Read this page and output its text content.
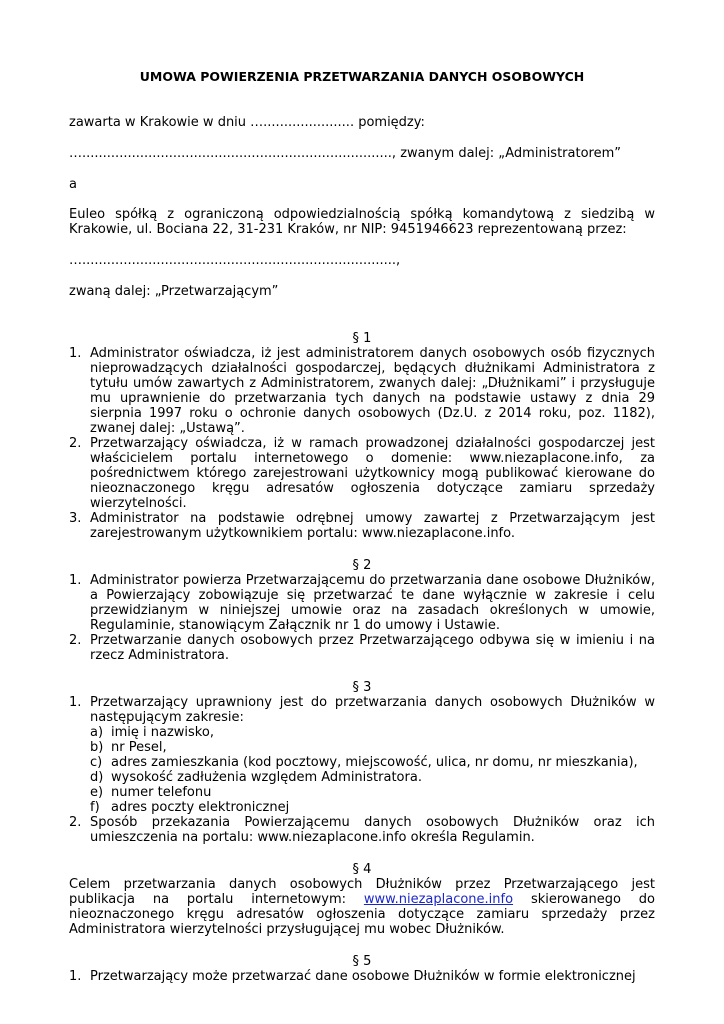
UMOWA POWIERZENIA PRZETWARZANIA DANYCH OSOBOWYCH

zawarta w Krakowie w dniu …...................... pomiędzy:

…..........................................................................., zwanym dalej: „Administratorem”

a

Euleo spółką z ograniczoną odpowiedzialnością spółką komandytową z siedzibą w Krakowie, ul. Bociana 22, 31-231 Kraków, nr NIP: 9451946623 reprezentowaną przez:

…............................................................................,

zwaną dalej: „Przetwarzającym”

§ 1

1. Administrator oświadcza, iż jest administratorem danych osobowych osób fizycznych nieprowadzących działalności gospodarczej, będących dłużnikami Administratora z tytułu umów zawartych z Administratorem, zwanych dalej: „Dłużnikami” i przysługuje mu uprawnienie do przetwarzania tych danych na podstawie ustawy z dnia 29 sierpnia 1997 roku o ochronie danych osobowych (Dz.U. z 2014 roku, poz. 1182), zwanej dalej: „Ustawą”.
2. Przetwarzający oświadcza, iż w ramach prowadzonej działalności gospodarczej jest właścicielem portalu internetowego o domenie: www.niezaplacone.info, za pośrednictwem którego zarejestrowani użytkownicy mogą publikować kierowane do nieoznaczonego kręgu adresatów ogłoszenia dotyczące zamiaru sprzedaży wierzytelności.
3. Administrator na podstawie odrębnej umowy zawartej z Przetwarzającym jest zarejestrowanym użytkownikiem portalu: www.niezaplacone.info.

§ 2

1. Administrator powierza Przetwarzającemu do przetwarzania dane osobowe Dłużników, a Powierzający zobowiązuje się przetwarzać te dane wyłącznie w zakresie i celu przewidzianym w niniejszej umowie oraz na zasadach określonych w umowie, Regulaminie, stanowiącym Załącznik nr 1 do umowy i Ustawie.
2. Przetwarzanie danych osobowych przez Przetwarzającego odbywa się w imieniu i na rzecz Administratora.

§ 3

1. Przetwarzający uprawniony jest do przetwarzania danych osobowych Dłużników w następującym zakresie:
a) imię i nazwisko,
b) nr Pesel,
c) adres zamieszkania (kod pocztowy, miejscowość, ulica, nr domu, nr mieszkania),
d) wysokość zadłużenia względem Administratora.
e) numer telefonu
f) adres poczty elektronicznej
2. Sposób przekazania Powierzającemu danych osobowych Dłużników oraz ich umieszczenia na portalu: www.niezaplacone.info określa Regulamin.

§ 4

Celem przetwarzania danych osobowych Dłużników przez Przetwarzającego jest publikacja na portalu internetowym: www.niezaplacone.info skierowanego do nieoznaczonego kręgu adresatów ogłoszenia dotyczące zamiaru sprzedaży przez Administratora wierzytelności przysługującej mu wobec Dłużników.

§ 5

1. Przetwarzający może przetwarzać dane osobowe Dłużników w formie elektronicznej
